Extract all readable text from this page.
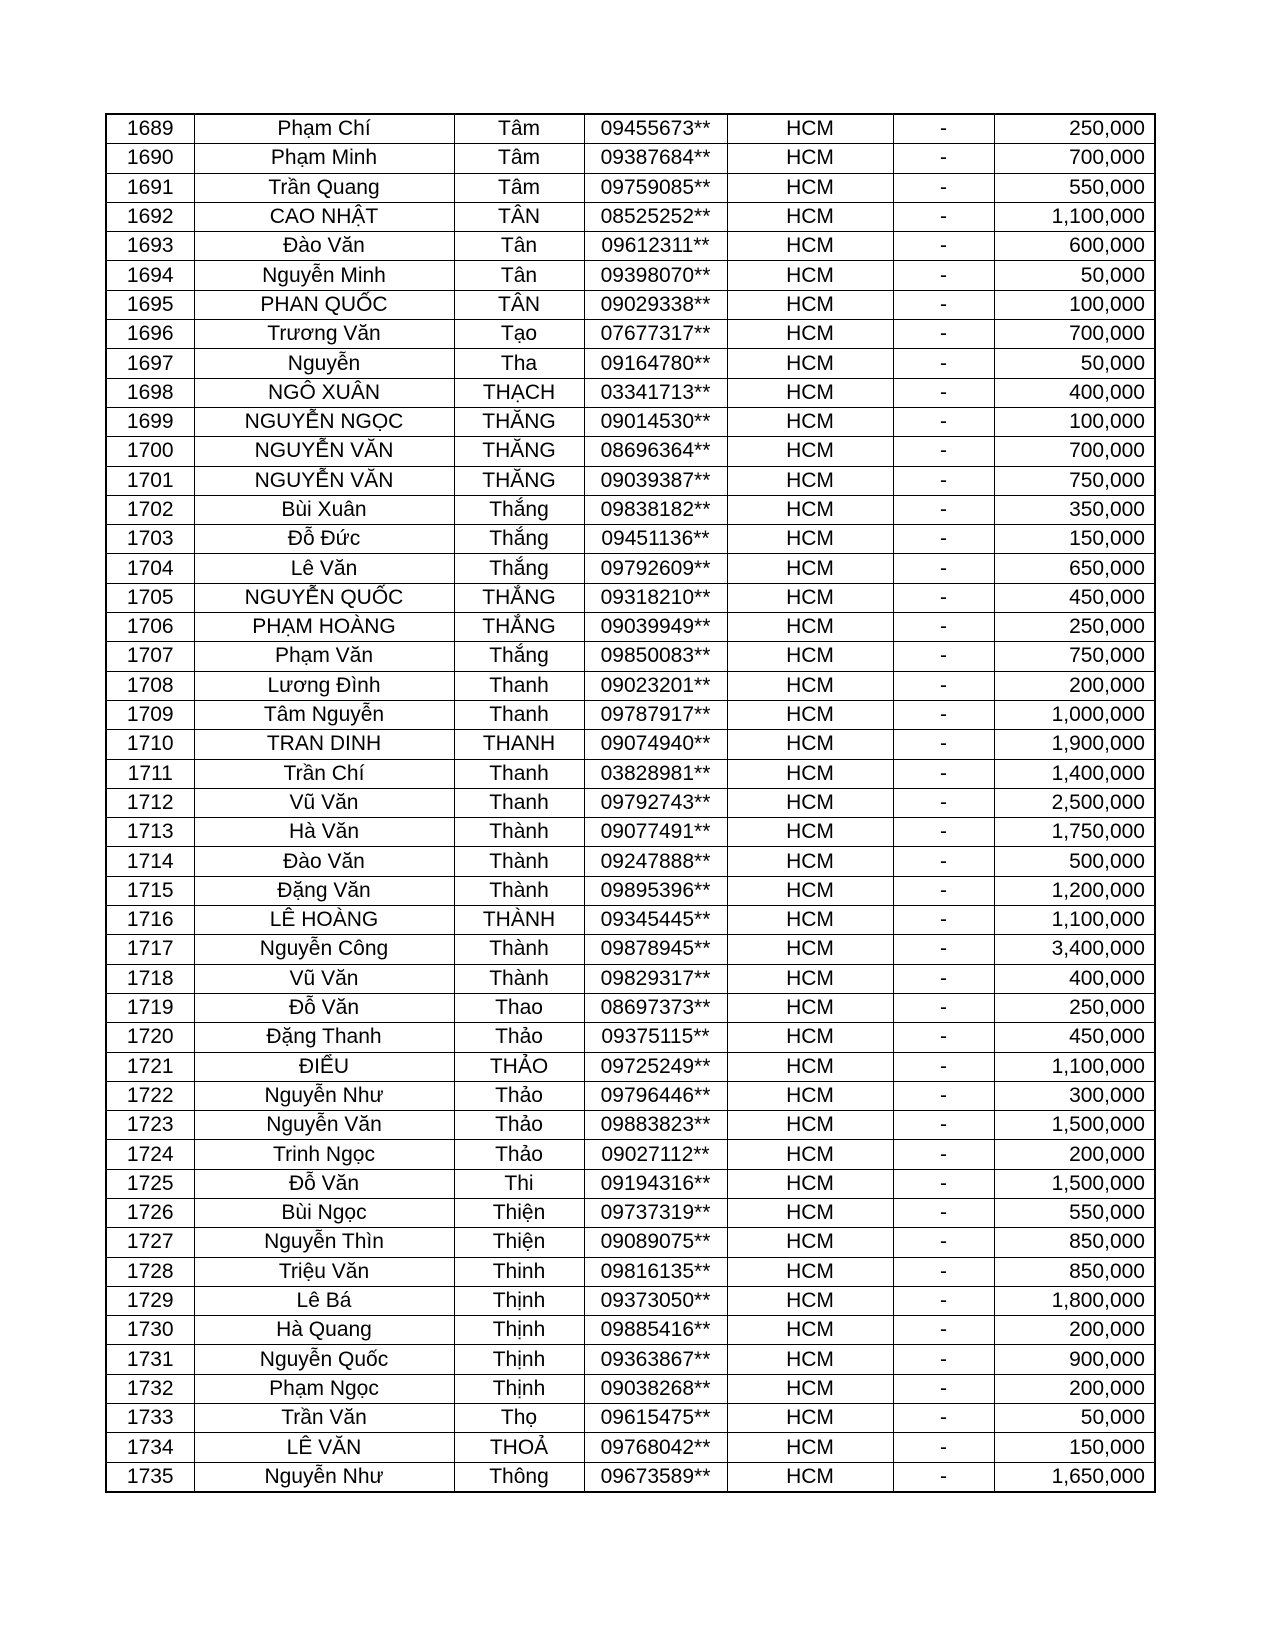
1689	Phạm Chí	Tâm	09455673**	HCM	-	250,000
1690	Phạm Minh	Tâm	09387684**	HCM	-	700,000
1691	Trần Quang	Tâm	09759085**	HCM	-	550,000
1692	CAO NHẬT	TÂN	08525252**	HCM	-	1,100,000
1693	Đào Văn	Tân	09612311**	HCM	-	600,000
1694	Nguyễn Minh	Tân	09398070**	HCM	-	50,000
1695	PHAN QUỐC	TÂN	09029338**	HCM	-	100,000
1696	Trương Văn	Tạo	07677317**	HCM	-	700,000
1697	Nguyễn	Tha	09164780**	HCM	-	50,000
1698	NGÔ XUÂN	THẠCH	03341713**	HCM	-	400,000
1699	NGUYỄN NGỌC	THĂNG	09014530**	HCM	-	100,000
1700	NGUYỄN VĂN	THĂNG	08696364**	HCM	-	700,000
1701	NGUYỄN VĂN	THĂNG	09039387**	HCM	-	750,000
1702	Bùi Xuân	Thắng	09838182**	HCM	-	350,000
1703	Đỗ Đức	Thắng	09451136**	HCM	-	150,000
1704	Lê Văn	Thắng	09792609**	HCM	-	650,000
1705	NGUYỄN QUỐC	THẮNG	09318210**	HCM	-	450,000
1706	PHẠM HOÀNG	THẮNG	09039949**	HCM	-	250,000
1707	Phạm Văn	Thắng	09850083**	HCM	-	750,000
1708	Lương Đình	Thanh	09023201**	HCM	-	200,000
1709	Tâm Nguyễn	Thanh	09787917**	HCM	-	1,000,000
1710	TRAN DINH	THANH	09074940**	HCM	-	1,900,000
1711	Trần Chí	Thanh	03828981**	HCM	-	1,400,000
1712	Vũ Văn	Thanh	09792743**	HCM	-	2,500,000
1713	Hà Văn	Thành	09077491**	HCM	-	1,750,000
1714	Đào Văn	Thành	09247888**	HCM	-	500,000
1715	Đặng Văn	Thành	09895396**	HCM	-	1,200,000
1716	LÊ HOÀNG	THÀNH	09345445**	HCM	-	1,100,000
1717	Nguyễn Công	Thành	09878945**	HCM	-	3,400,000
1718	Vũ Văn	Thành	09829317**	HCM	-	400,000
1719	Đỗ Văn	Thao	08697373**	HCM	-	250,000
1720	Đặng Thanh	Thảo	09375115**	HCM	-	450,000
1721	ĐIỂU	THẢO	09725249**	HCM	-	1,100,000
1722	Nguyễn Như	Thảo	09796446**	HCM	-	300,000
1723	Nguyễn Văn	Thảo	09883823**	HCM	-	1,500,000
1724	Trinh Ngọc	Thảo	09027112**	HCM	-	200,000
1725	Đỗ Văn	Thi	09194316**	HCM	-	1,500,000
1726	Bùi Ngọc	Thiện	09737319**	HCM	-	550,000
1727	Nguyễn Thìn	Thiện	09089075**	HCM	-	850,000
1728	Triệu Văn	Thinh	09816135**	HCM	-	850,000
1729	Lê Bá	Thịnh	09373050**	HCM	-	1,800,000
1730	Hà Quang	Thịnh	09885416**	HCM	-	200,000
1731	Nguyễn Quốc	Thịnh	09363867**	HCM	-	900,000
1732	Phạm Ngọc	Thịnh	09038268**	HCM	-	200,000
1733	Trần Văn	Thọ	09615475**	HCM	-	50,000
1734	LÊ VĂN	THOẢ	09768042**	HCM	-	150,000
1735	Nguyễn Như	Thông	09673589**	HCM	-	1,650,000
